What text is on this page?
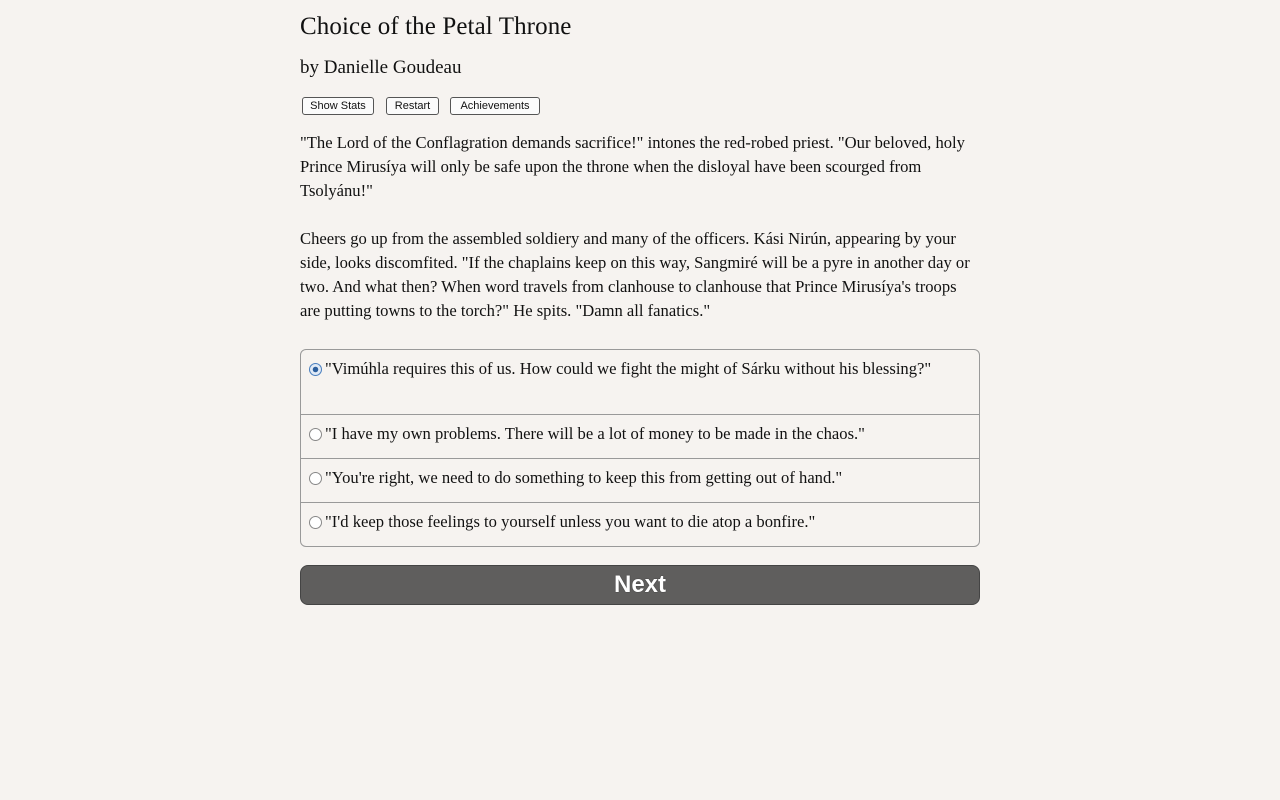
Choice of the Petal Throne
by Danielle Goudeau
Show Stats	Restart	Achievements

"The Lord of the Conflagration demands sacrifice!" intones the red-robed priest. "Our beloved, holy Prince Mirusíya will only be safe upon the throne when the disloyal have been scourged from Tsolyánu!"

Cheers go up from the assembled soldiery and many of the officers. Kási Nirún, appearing by your side, looks discomfited. "If the chaplains keep on this way, Sangmiré will be a pyre in another day or two. And what then? When word travels from clanhouse to clanhouse that Prince Mirusíya's troops are putting towns to the torch?" He spits. "Damn all fanatics."

"Vimúhla requires this of us. How could we fight the might of Sárku without his blessing?"
"I have my own problems. There will be a lot of money to be made in the chaos."
"You're right, we need to do something to keep this from getting out of hand."
"I'd keep those feelings to yourself unless you want to die atop a bonfire."
Next
